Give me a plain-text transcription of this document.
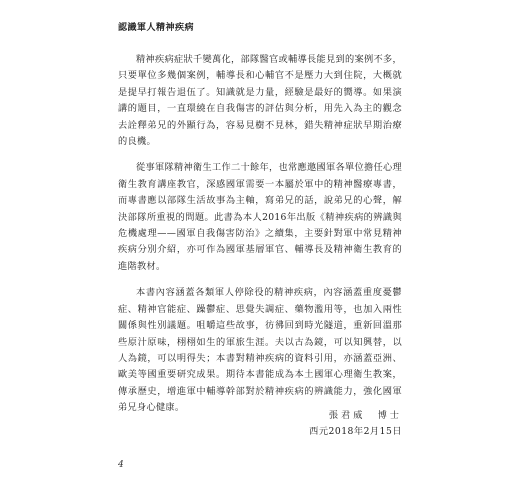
認識軍人精神疾病

精神疾病症狀千變萬化，部隊醫官或輔導長能見到的案例不多，只要單位多幾個案例，輔導長和心輔官不是壓力大到住院，大概就是提早打報告退伍了。知識就是力量，經驗是最好的嚮導。如果演講的題目，一直環繞在自我傷害的評估與分析，用先入為主的觀念去詮釋弟兄的外顯行為，容易見樹不見林，錯失精神症狀早期治療的良機。

從事軍隊精神衛生工作二十餘年，也常應邀國軍各單位擔任心理衛生教育講座教官，深感國軍需要一本屬於軍中的精神醫療專書，而專書應以部隊生活故事為主軸，寫弟兄的話，說弟兄的心聲，解決部隊所重視的問題。此書為本人2016年出版《精神疾病的辨識與危機處理——國軍自我傷害防治》之續集，主要針對軍中常見精神疾病分別介紹，亦可作為國軍基層軍官、輔導長及精神衛生教育的進階教材。

本書內容涵蓋各類軍人停除役的精神疾病，內容涵蓋重度憂鬱症、精神官能症、躁鬱症、思覺失調症、藥物濫用等，也加入兩性關係與性別議題。咀嚼這些故事，彷彿回到時光隧道，重新回溫那些原汁原味，栩栩如生的軍旅生涯。夫以古為鏡，可以知興替，以人為鏡，可以明得失；本書對精神疾病的資料引用，亦涵蓋亞洲、歐美等國重要研究成果。期待本書能成為本土國軍心理衛生教案，傳承歷史，增進軍中輔導幹部對於精神疾病的辨識能力，強化國軍弟兄身心健康。

張君威　博士
西元2018年2月15日
4
